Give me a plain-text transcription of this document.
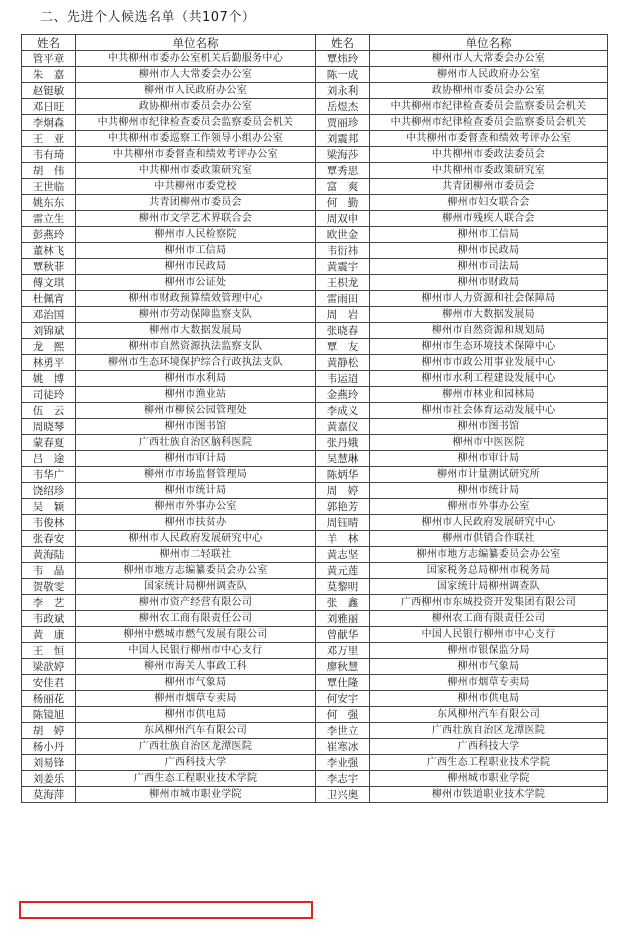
二、先进个人候选名单（共107个）
姓名	单位名称	姓名	单位名称
管平章	中共柳州市委办公室机关后勤服务中心	覃炜玲	柳州市人大常委会办公室
朱　嘉	柳州市人大常委会办公室	陈一成	柳州市人民政府办公室
赵铤敏	柳州市人民政府办公室	刘永利	政协柳州市委员会办公室
邓日旺	政协柳州市委员会办公室	岳煜杰	中共柳州市纪律检查委员会监察委员会机关
李炯森	中共柳州市纪律检查委员会监察委员会机关	贾丽珍	中共柳州市纪律检查委员会监察委员会机关
王　亚	中共柳州市委巡察工作领导小组办公室	刘震邦	中共柳州市委督查和绩效考评办公室
韦有琦	中共柳州市委督查和绩效考评办公室	梁海莎	中共柳州市委政法委员会
胡　伟	中共柳州市委政策研究室	覃秀思	中共柳州市委政策研究室
王世临	中共柳州市委党校	富　爽	共青团柳州市委员会
姚东东	共青团柳州市委员会	何　勤	柳州市妇女联合会
雷立生	柳州市文学艺术界联合会	周双申	柳州市残疾人联合会
彭燕玲	柳州市人民检察院	欧世金	柳州市工信局
董林飞	柳州市工信局	韦衍祎	柳州市民政局
覃秋菲	柳州市民政局	黄震宇	柳州市司法局
傅文琪	柳州市公证处	王枳龙	柳州市财政局
杜佩宵	柳州市财政预算绩效管理中心	雷雨田	柳州市人力资源和社会保障局
邓治国	柳州市劳动保障监察支队	周　岩	柳州市大数据发展局
刘锦斌	柳州市大数据发展局	张晓春	柳州市自然资源和规划局
龙　熙	柳州市自然资源执法监察支队	覃　友	柳州市生态环境技术保障中心
林勇平	柳州市生态环境保护综合行政执法支队	黄静松	柳州市市政公用事业发展中心
姚　博	柳州市水利局	韦运迢	柳州市水利工程建设发展中心
司徒玲	柳州市渔业站	金燕玲	柳州市林业和园林局
伍　云	柳州市柳侯公园管理处	李成义	柳州市社会体育运动发展中心
周晓琴	柳州市图书馆	黄嘉仪	柳州市图书馆
蒙春夏	广西壮族自治区脑科医院	张丹娥	柳州市中医医院
吕　途	柳州市审计局	吴慧琳	柳州市审计局
韦华广	柳州市市场监督管理局	陈炳华	柳州市计量测试研究所
饶绍珍	柳州市统计局	周　婷	柳州市统计局
吴　颖	柳州市外事办公室	郭艳芳	柳州市外事办公室
韦俊林	柳州市扶贫办	周钰晴	柳州市人民政府发展研究中心
张春安	柳州市人民政府发展研究中心	羊　林	柳州市供销合作联社
黄海陆	柳州市二轻联社	黄志坚	柳州市地方志编纂委员会办公室
韦　晶	柳州市地方志编纂委员会办公室	黄元莲	国家税务总局柳州市税务局
贺敬雯	国家统计局柳州调查队	莫黎明	国家统计局柳州调查队
李　艺	柳州市资产经营有限公司	张　鑫	广西柳州市东城投资开发集团有限公司
韦政斌	柳州农工商有限责任公司	刘雅丽	柳州农工商有限责任公司
黄　康	柳州中燃城市燃气发展有限公司	曾献华	中国人民银行柳州市中心支行
王　恒	中国人民银行柳州市中心支行	邓万里	柳州市银保监分局
梁歆婷	柳州市海关人事政工科	廖秋慧	柳州市气象局
安佳君	柳州市气象局	覃仕隆	柳州市烟草专卖局
杨丽花	柳州市烟草专卖局	何安宇	柳州市供电局
陈镜旭	柳州市供电局	何　强	东风柳州汽车有限公司
胡　婷	东风柳州汽车有限公司	李世立	广西壮族自治区龙潭医院
杨小丹	广西壮族自治区龙潭医院	崔寒冰	广西科技大学
刘易锋	广西科技大学	李业强	广西生态工程职业技术学院
刘姜乐	广西生态工程职业技术学院	李志宇	柳州城市职业学院
莫海萍	柳州市城市职业学院	卫兴奥	柳州市铁道职业技术学院
